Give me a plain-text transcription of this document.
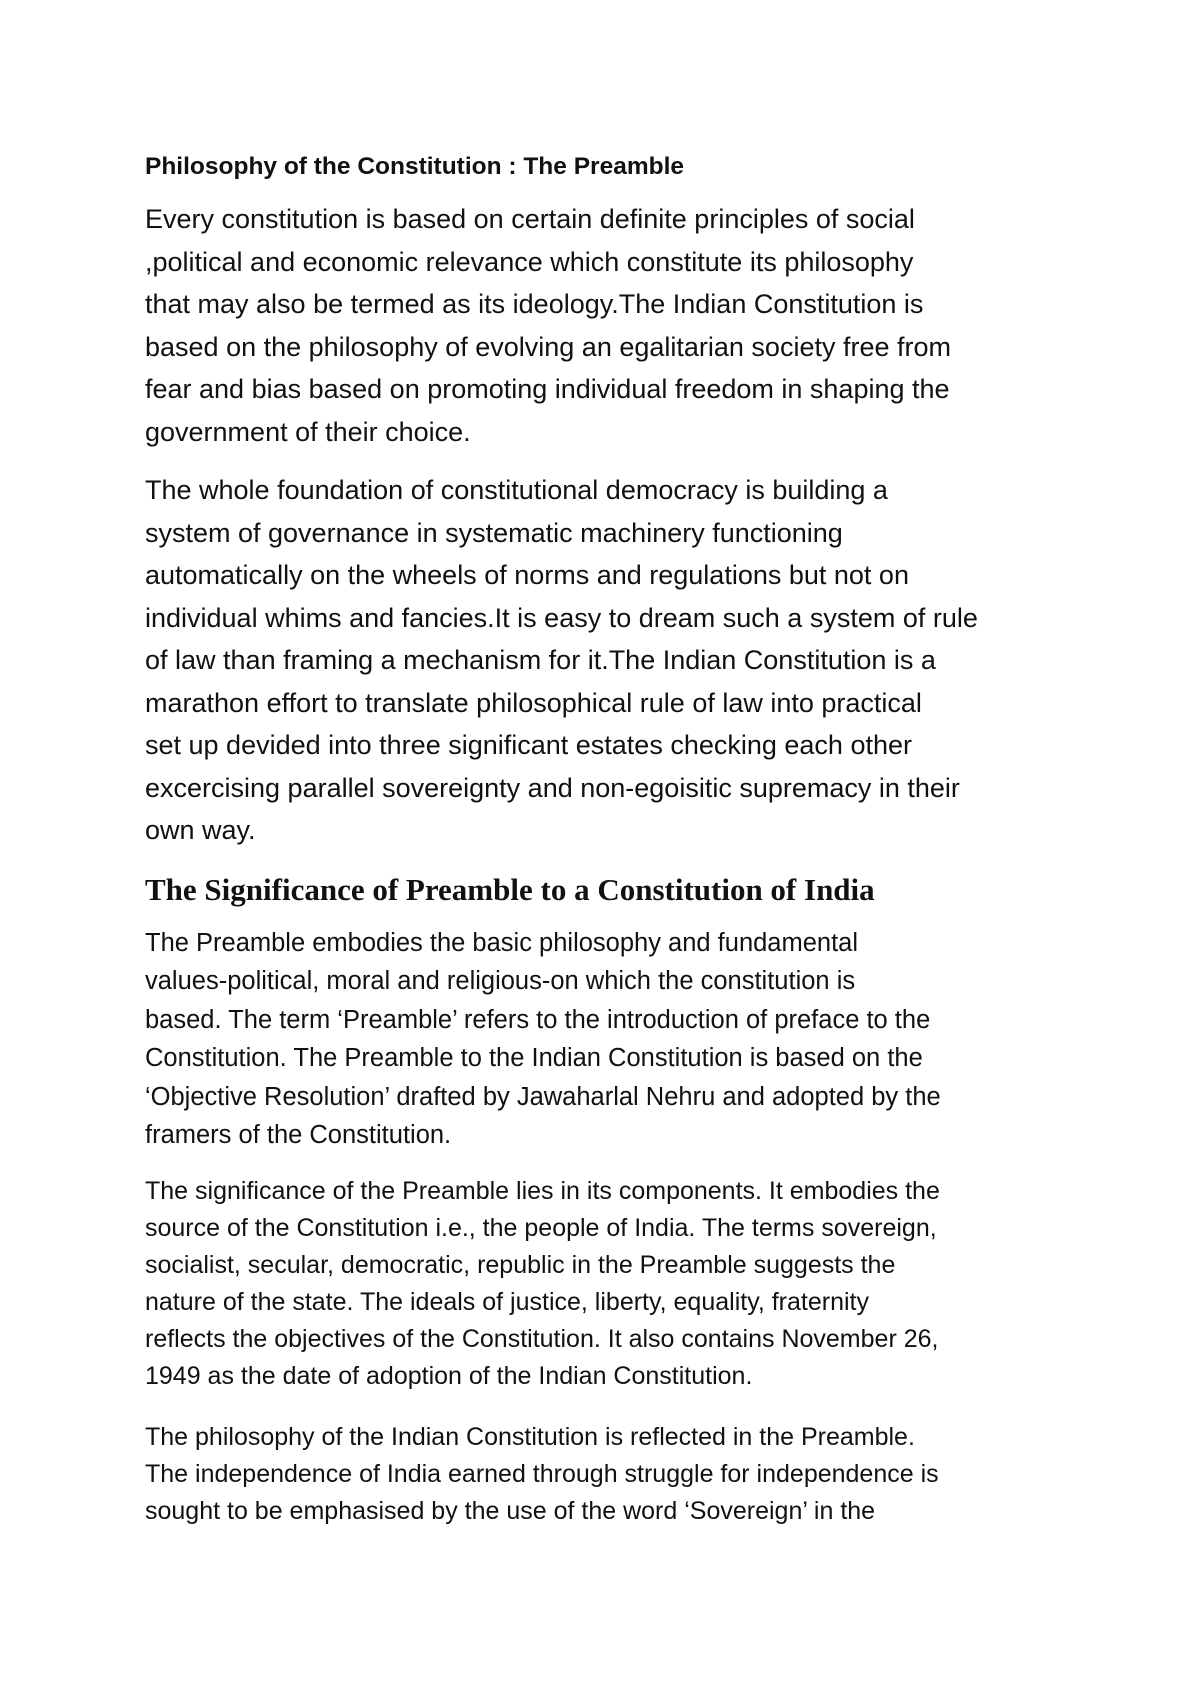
Philosophy of the Constitution : The Preamble

Every constitution is based on certain definite principles of social
,political and economic relevance which constitute its philosophy
that may also be termed as its ideology.The Indian Constitution is
based on the philosophy of evolving an egalitarian society free from
fear and bias based on promoting individual freedom in shaping the
government of their choice.

The whole foundation of constitutional democracy is building a
system of governance in systematic machinery functioning
automatically on the wheels of norms and regulations but not on
individual whims and fancies.It is easy to dream such a system of rule
of law than framing a mechanism for it.The Indian Constitution is a
marathon effort to translate philosophical rule of law into practical
set up devided into three significant estates checking each other
excercising parallel sovereignty and non-egoisitic supremacy in their
own way.

The Significance of Preamble to a Constitution of India

The Preamble embodies the basic philosophy and fundamental
values-political, moral and religious-on which the constitution is
based. The term ‘Preamble’ refers to the introduction of preface to the
Constitution. The Preamble to the Indian Constitution is based on the
‘Objective Resolution’ drafted by Jawaharlal Nehru and adopted by the
framers of the Constitution.

The significance of the Preamble lies in its components. It embodies the
source of the Constitution i.e., the people of India. The terms sovereign,
socialist, secular, democratic, republic in the Preamble suggests the
nature of the state. The ideals of justice, liberty, equality, fraternity
reflects the objectives of the Constitution. It also contains November 26,
1949 as the date of adoption of the Indian Constitution.

The philosophy of the Indian Constitution is reflected in the Preamble.
The independence of India earned through struggle for independence is
sought to be emphasised by the use of the word ‘Sovereign’ in the
